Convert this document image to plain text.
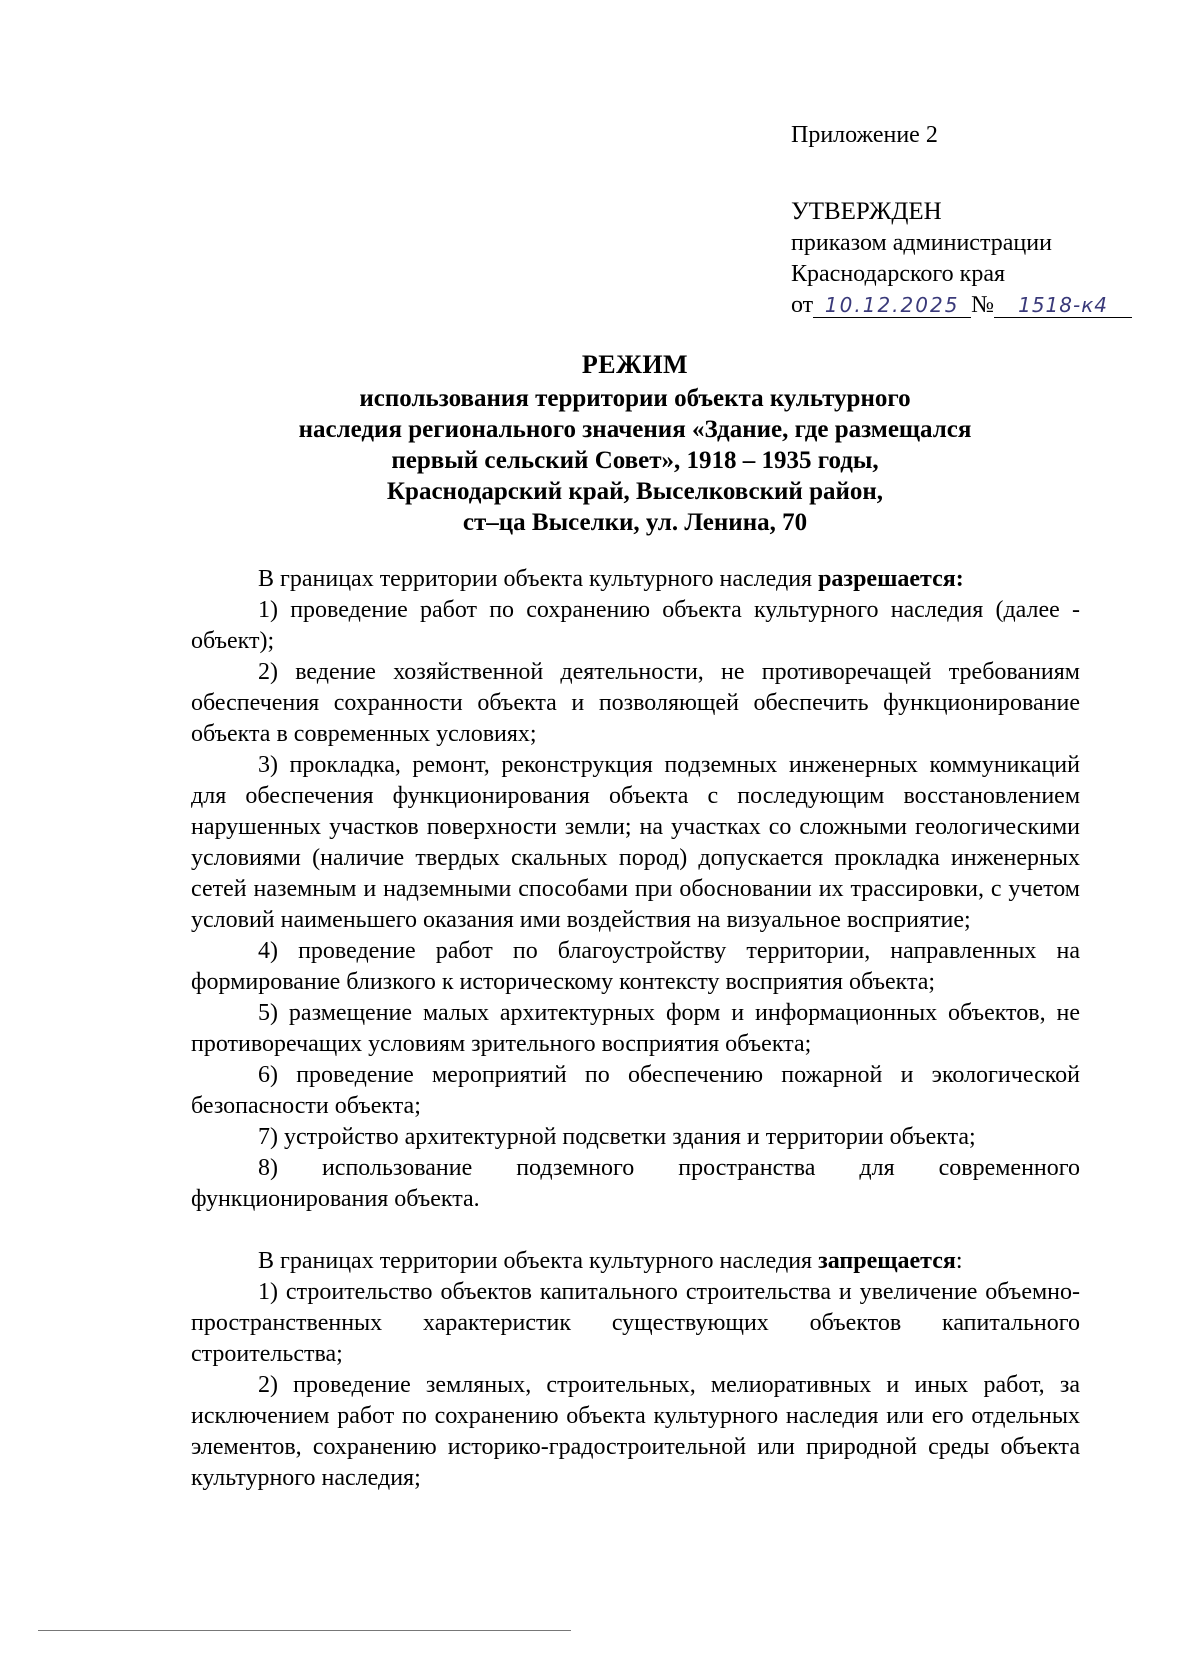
Приложение 2
УТВЕРЖДЕН
приказом администрации
Краснодарского края
от 10.12.2025 № 1518-к4
РЕЖИМ
использования территории объекта культурного
наследия регионального значения «Здание, где размещался
первый сельский Совет», 1918 – 1935 годы,
Краснодарский край, Выселковский район,
ст–ца Выселки, ул. Ленина, 70

В границах территории объекта культурного наследия разрешается:

1) проведение работ по сохранению объекта культурного наследия (далее - объект);

2) ведение хозяйственной деятельности, не противоречащей требованиям обеспечения сохранности объекта и позволяющей обеспечить функционирование объекта в современных условиях;

3) прокладка, ремонт, реконструкция подземных инженерных коммуникаций для обеспечения функционирования объекта с последующим восстановлением нарушенных участков поверхности земли; на участках со сложными геологическими условиями (наличие твердых скальных пород) допускается прокладка инженерных сетей наземным и надземными способами при обосновании их трассировки, с учетом условий наименьшего оказания ими воздействия на визуальное восприятие;

4) проведение работ по благоустройству территории, направленных на формирование близкого к историческому контексту восприятия объекта;

5) размещение малых архитектурных форм и информационных объектов, не противоречащих условиям зрительного восприятия объекта;

6) проведение мероприятий по обеспечению пожарной и экологической безопасности объекта;

7) устройство архитектурной подсветки здания и территории объекта;

8) использование подземного пространства для современного функционирования объекта.

В границах территории объекта культурного наследия запрещается:

1) строительство объектов капитального строительства и увеличение объемно-пространственных характеристик существующих объектов капитального строительства;

2) проведение земляных, строительных, мелиоративных и иных работ, за исключением работ по сохранению объекта культурного наследия или его отдельных элементов, сохранению историко-градостроительной или природной среды объекта культурного наследия;
